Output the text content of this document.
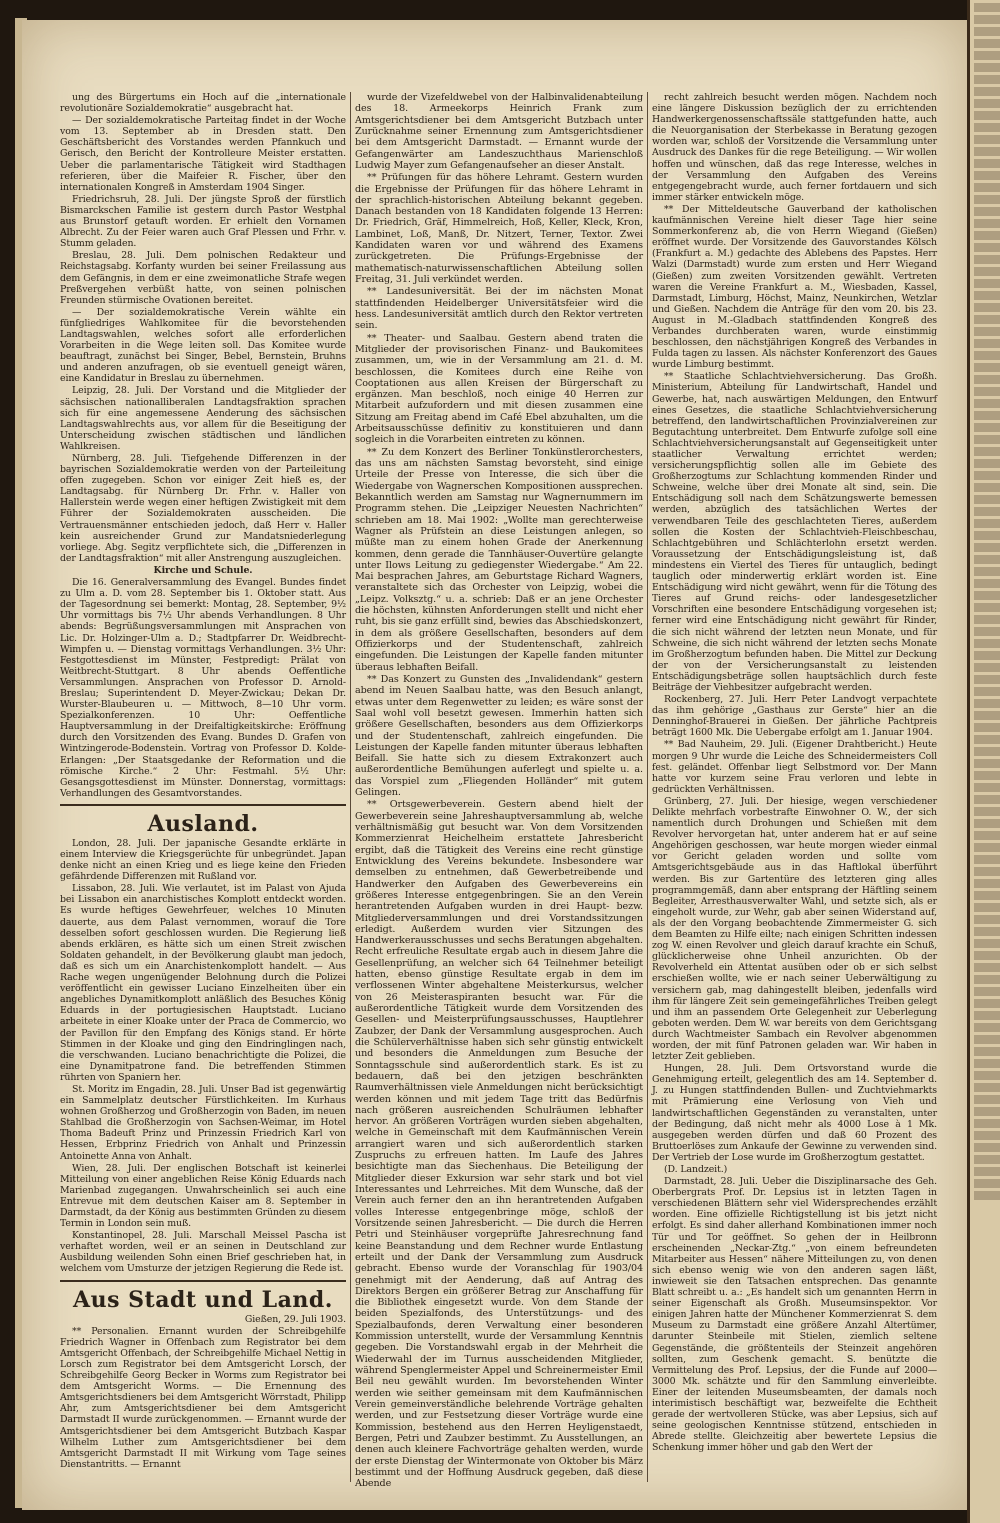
ung des Bürgertums ein Hoch auf die „internationale revolutionäre Sozialdemokratie“ ausgebracht hat.

— Der sozialdemokratische Parteitag findet in der Woche vom 13. September ab in Dresden statt. Den Geschäftsbericht des Vorstandes werden Pfannkuch und Gerisch, den Bericht der Kontrolleure Meister erstatten. Ueber die parlamentarische Tätigkeit wird Stadthagen referieren, über die Maifeier R. Fischer, über den internationalen Kongreß in Amsterdam 1904 Singer.

Friedrichsruh, 28. Juli. Der jüngste Sproß der fürstlich Bismarckschen Familie ist gestern durch Pastor Westphal aus Brunstorf getauft worden. Er erhielt den Vornamen Albrecht. Zu der Feier waren auch Graf Plessen und Frhr. v. Stumm geladen.

Breslau, 28. Juli. Dem polnischen Redakteur und Reichstagsabg. Korfanty wurden bei seiner Freilassung aus dem Gefängnis, in dem er eine zweimonatliche Strafe wegen Preßvergehen verbüßt hatte, von seinen polnischen Freunden stürmische Ovationen bereitet.

— Der sozialdemokratische Verein wählte ein fünfgliedriges Wahlkomitee für die bevorstehenden Landtagswahlen, welches sofort alle erforderlichen Vorarbeiten in die Wege leiten soll. Das Komitee wurde beauftragt, zunächst bei Singer, Bebel, Bernstein, Bruhns und anderen anzufragen, ob sie eventuell geneigt wären, eine Kandidatur in Breslau zu übernehmen.

Leipzig, 28. Juli. Der Vorstand und die Mitglieder der sächsischen nationalliberalen Landtagsfraktion sprachen sich für eine angemessene Aenderung des sächsischen Landtagswahlrechts aus, vor allem für die Beseitigung der Unterscheidung zwischen städtischen und ländlichen Wahlkreisen.

Nürnberg, 28. Juli. Tiefgehende Differenzen in der bayrischen Sozialdemokratie werden von der Parteileitung offen zugegeben. Schon vor einiger Zeit hieß es, der Landtagsabg. für Nürnberg Dr. Frhr. v. Haller von Hallerstein werde wegen einer heftigen Zwistigkeit mit dem Führer der Sozialdemokraten ausscheiden. Die Vertrauensmänner entschieden jedoch, daß Herr v. Haller kein ausreichender Grund zur Mandatsniederlegung vorliege. Abg. Segitz verpflichtete sich, die „Differenzen in der Landtagsfraktion“ mit aller Anstrengung auszugleichen.

Kirche und Schule.

Die 16. Generalversammlung des Evangel. Bundes findet zu Ulm a. D. vom 28. September bis 1. Oktober statt. Aus der Tagesordnung sei bemerkt: Montag, 28. September, 9½ Uhr vormittags bis 7½ Uhr abends Verhandlungen. 8 Uhr abends: Begrüßungsversammlungen mit Ansprachen von Lic. Dr. Holzinger-Ulm a. D.; Stadtpfarrer Dr. Weidbrecht-Wimpfen u. — Dienstag vormittags Verhandlungen. 3½ Uhr: Festgottesdienst im Münster, Festpredigt: Prälat von Weitbrecht-Stuttgart. 8 Uhr abends Oeffentliche Versammlungen. Ansprachen von Professor D. Arnold-Breslau; Superintendent D. Meyer-Zwickau; Dekan Dr. Wurster-Blaubeuren u. — Mittwoch, 8—10 Uhr vorm. Spezialkonferenzen. 10 Uhr: Oeffentliche Hauptversammlung in der Dreifaltigkeitskirche: Eröffnung durch den Vorsitzenden des Evang. Bundes D. Grafen von Wintzingerode-Bodenstein. Vortrag von Professor D. Kolde-Erlangen: „Der Staatsgedanke der Reformation und die römische Kirche.“ 2 Uhr: Festmahl. 5½ Uhr: Gesangsgottesdienst im Münster. Donnerstag, vormittags: Verhandlungen des Gesamtvorstandes.

Ausland.

London, 28. Juli. Der japanische Gesandte erklärte in einem Interview die Kriegsgerüchte für unbegründet. Japan denke nicht an einen Krieg und es liege keine den Frieden gefährdende Differenzen mit Rußland vor.

Lissabon, 28. Juli. Wie verlautet, ist im Palast von Ajuda bei Lissabon ein anarchistisches Komplott entdeckt worden. Es wurde heftiges Gewehrfeuer, welches 10 Minuten dauerte, aus dem Palast vernommen, worauf die Tore desselben sofort geschlossen wurden. Die Regierung ließ abends erklären, es hätte sich um einen Streit zwischen Soldaten gehandelt, in der Bevölkerung glaubt man jedoch, daß es sich um ein Anarchistenkomplott handelt. — Aus Rache wegen ungenügender Belohnung durch die Polizei veröffentlicht ein gewisser Luciano Einzelheiten über ein angebliches Dynamitkomplott anläßlich des Besuches König Eduards in der portugiesischen Hauptstadt. Luciano arbeitete in einer Kloake unter der Praca de Commercio, wo der Pavillon für den Empfang des Königs stand. Er hörte Stimmen in der Kloake und ging den Eindringlingen nach, die verschwanden. Luciano benachrichtigte die Polizei, die eine Dynamitpatrone fand. Die betreffenden Stimmen rührten von Spaniern her.

St. Moritz im Engadin, 28. Juli. Unser Bad ist gegenwärtig ein Sammelplatz deutscher Fürstlichkeiten. Im Kurhaus wohnen Großherzog und Großherzogin von Baden, im neuen Stahlbad die Großherzogin von Sachsen-Weimar, im Hotel Thoma Badeuft Prinz und Prinzessin Friedrich Karl von Hessen, Erbprinz Friedrich von Anhalt und Prinzessin Antoinette Anna von Anhalt.

Wien, 28. Juli. Der englischen Botschaft ist keinerlei Mitteilung von einer angeblichen Reise König Eduards nach Marienbad zugegangen. Unwahrscheinlich sei auch eine Entrevue mit dem deutschen Kaiser am 8. September in Darmstadt, da der König aus bestimmten Gründen zu diesem Termin in London sein muß.

Konstantinopel, 28. Juli. Marschall Meissel Pascha ist verhaftet worden, weil er an seinen in Deutschland zur Ausbildung weilenden Sohn einen Brief geschrieben hat, in welchem vom Umsturze der jetzigen Regierung die Rede ist.

Aus Stadt und Land.

Gießen, 29. Juli 1903.

** Personalien. Ernannt wurden der Schreibgehilfe Friedrich Wagner in Offenbach zum Registrator bei dem Amtsgericht Offenbach, der Schreibgehilfe Michael Nettig in Lorsch zum Registrator bei dem Amtsgericht Lorsch, der Schreibgehilfe Georg Becker in Worms zum Registrator bei dem Amtsgericht Worms. — Die Ernennung des Amtsgerichtsdieners bei dem Amtsgericht Wörrstadt, Philipp Ahr, zum Amtsgerichtsdiener bei dem Amtsgericht Darmstadt II wurde zurückgenommen. — Ernannt wurde der Amtsgerichtsdiener bei dem Amtsgericht Butzbach Kaspar Wilhelm Luther zum Amtsgerichtsdiener bei dem Amtsgericht Darmstadt II mit Wirkung vom Tage seines Dienstantritts. — Ernannt

wurde der Vizefeldwebel von der Halbinvalidenabteilung des 18. Armeekorps Heinrich Frank zum Amtsgerichtsdiener bei dem Amtsgericht Butzbach unter Zurücknahme seiner Ernennung zum Amtsgerichtsdiener bei dem Amtsgericht Darmstadt. — Ernannt wurde der Gefangenwärter am Landeszuchthaus Marienschloß Ludwig Mayer zum Gefangenaufseher an dieser Anstalt.

** Prüfungen für das höhere Lehramt. Gestern wurden die Ergebnisse der Prüfungen für das höhere Lehramt in der sprachlich-historischen Abteilung bekannt gegeben. Danach bestanden von 18 Kandidaten folgende 13 Herren: Dr. Friedrich, Gräf, Himmelreich, Hoß, Keller, Kleck, Kron, Lambinet, Loß, Manß, Dr. Nitzert, Terner, Textor. Zwei Kandidaten waren vor und während des Examens zurückgetreten. Die Prüfungs-Ergebnisse der mathematisch-naturwissenschaftlichen Abteilung sollen Freitag, 31. Juli verkündet werden.

** Landesuniversität. Bei der im nächsten Monat stattfindenden Heidelberger Universitätsfeier wird die hess. Landesuniversität amtlich durch den Rektor vertreten sein.

** Theater- und Saalbau. Gestern abend traten die Mitglieder der provisorischen Finanz- und Baukomitees zusammen, um, wie in der Versammlung am 21. d. M. beschlossen, die Komitees durch eine Reihe von Cooptationen aus allen Kreisen der Bürgerschaft zu ergänzen. Man beschloß, noch einige 40 Herren zur Mitarbeit aufzufordern und mit diesen zusammen eine Sitzung am Freitag abend im Café Ebel abzuhalten, um die Arbeitsausschüsse definitiv zu konstituieren und dann sogleich in die Vorarbeiten eintreten zu können.

** Zu dem Konzert des Berliner Tonkünstlerorchesters, das uns am nächsten Samstag bevorsteht, sind einige Urteile der Presse von Interesse, die sich über die Wiedergabe von Wagnerschen Kompositionen aussprechen. Bekanntlich werden am Samstag nur Wagnernummern im Programm stehen. Die „Leipziger Neuesten Nachrichten“ schrieben am 18. Mai 1902: „Wollte man gerechterweise Wagner als Prüfstein an diese Leistungen anlegen, so müßte man zu einem hohen Grade der Anerkennung kommen, denn gerade die Tannhäuser-Ouvertüre gelangte unter Ilows Leitung zu gediegenster Wiedergabe.“ Am 22. Mai besprachen Jahres, am Geburtstage Richard Wagners, veranstaltete sich das Orchester von Leipzig, wobei die „Leipz. Volksztg.“ u. a. schrieb: Daß er an jene Orchester die höchsten, kühnsten Anforderungen stellt und nicht eher ruht, bis sie ganz erfüllt sind, bewies das Abschiedskonzert, in dem als größere Gesellschaften, besonders auf dem Offizierkorps und der Studentenschaft, zahlreich eingefunden. Die Leistungen der Kapelle fanden mitunter überaus lebhaften Beifall.

** Das Konzert zu Gunsten des „Invalidendank“ gestern abend im Neuen Saalbau hatte, was den Besuch anlangt, etwas unter dem Regenwetter zu leiden; es wäre sonst der Saal wohl voll besetzt gewesen. Immerhin hatten sich größere Gesellschaften, besonders aus dem Offizierkorps und der Studentenschaft, zahlreich eingefunden. Die Leistungen der Kapelle fanden mitunter überaus lebhaften Beifall. Sie hatte sich zu diesem Extrakonzert auch außerordentliche Bemühungen auferlegt und spielte u. a. das Vorspiel zum „Fliegenden Holländer“ mit gutem Gelingen.

** Ortsgewerbeverein. Gestern abend hielt der Gewerbeverein seine Jahreshauptversammlung ab, welche verhältnismäßig gut besucht war. Von dem Vorsitzenden Kommerzienrat Heichelheim erstattete Jahresbericht ergibt, daß die Tätigkeit des Vereins eine recht günstige Entwicklung des Vereins bekundete. Insbesondere war demselben zu entnehmen, daß Gewerbetreibende und Handwerker den Aufgaben des Gewerbevereins ein größeres Interesse entgegenbringen. Sie an den Verein herantretenden Aufgaben wurden in drei Haupt- bezw. Mitgliederversammlungen und drei Vorstandssitzungen erledigt. Außerdem wurden vier Sitzungen des Handwerkerausschusses und sechs Beratungen abgehalten. Recht erfreuliche Resultate ergab auch in diesem Jahre die Gesellenprüfung, an welcher sich 64 Teilnehmer beteiligt hatten, ebenso günstige Resultate ergab in dem im verflossenen Winter abgehaltene Meisterkursus, welcher von 26 Meisteraspiranten besucht war. Für die außerordentliche Tätigkeit wurde dem Vorsitzenden des Gesellen- und Meisterprüfungsausschusses, Hauptlehrer Zaubzer, der Dank der Versammlung ausgesprochen. Auch die Schülerverhältnisse haben sich sehr günstig entwickelt und besonders die Anmeldungen zum Besuche der Sonntagsschule sind außerordentlich stark. Es ist zu bedauern, daß bei den jetzigen beschränkten Raumverhältnissen viele Anmeldungen nicht berücksichtigt werden können und mit jedem Tage tritt das Bedürfnis nach größeren ausreichenden Schulräumen lebhafter hervor. An größeren Vorträgen wurden sieben abgehalten, welche in Gemeinschaft mit dem Kaufmännischen Verein arrangiert waren und sich außerordentlich starken Zuspruchs zu erfreuen hatten. Im Laufe des Jahres besichtigte man das Siechenhaus. Die Beteiligung der Mitglieder dieser Exkursion war sehr stark und bot viel Interessantes und Lehrreiches. Mit dem Wunsche, daß der Verein auch ferner den an ihn herantretenden Aufgaben volles Interesse entgegenbringe möge, schloß der Vorsitzende seinen Jahresbericht. — Die durch die Herren Petri und Steinhäuser vorgeprüfte Jahresrechnung fand keine Beanstandung und dem Rechner wurde Entlastung erteilt und der Dank der Versammlung zum Ausdruck gebracht. Ebenso wurde der Voranschlag für 1903/04 genehmigt mit der Aenderung, daß auf Antrag des Direktors Bergen ein größerer Betrag zur Anschaffung für die Bibliothek eingesetzt wurde. Von dem Stande der beiden Spezialfonds, des Unterstützungs- und des Spezialbaufonds, deren Verwaltung einer besonderen Kommission unterstellt, wurde der Versammlung Kenntnis gegeben. Die Vorstandswahl ergab in der Mehrheit die Wiederwahl der im Turnus ausscheidenden Mitglieder, während Spenglermeister Appel und Schreinermeister Emil Beil neu gewählt wurden. Im bevorstehenden Winter werden wie seither gemeinsam mit dem Kaufmännischen Verein gemeinverständliche belehrende Vorträge gehalten werden, und zur Festsetzung dieser Vorträge wurde eine Kommission, bestehend aus den Herren Heyligenstaedt, Bergen, Petri und Zaubzer bestimmt. Zu Ausstellungen, an denen auch kleinere Fachvorträge gehalten werden, wurde der erste Dienstag der Wintermonate von Oktober bis März bestimmt und der Hoffnung Ausdruck gegeben, daß diese Abende

recht zahlreich besucht werden mögen. Nachdem noch eine längere Diskussion bezüglich der zu errichtenden Handwerkergenossenschaftssäle stattgefunden hatte, auch die Neuorganisation der Sterbekasse in Beratung gezogen worden war, schloß der Vorsitzende die Versammlung unter Ausdruck des Dankes für die rege Beteiligung. — Wir wollen hoffen und wünschen, daß das rege Interesse, welches in der Versammlung den Aufgaben des Vereins entgegengebracht wurde, auch ferner fortdauern und sich immer stärker entwickeln möge.

** Der Mitteldeutsche Gauverband der katholischen kaufmännischen Vereine hielt dieser Tage hier seine Sommerkonferenz ab, die von Herrn Wiegand (Gießen) eröffnet wurde. Der Vorsitzende des Gauvorstandes Kölsch (Frankfurt a. M.) gedachte des Ablebens des Papstes. Herr Walzi (Darmstadt) wurde zum ersten und Herr Wiegand (Gießen) zum zweiten Vorsitzenden gewählt. Vertreten waren die Vereine Frankfurt a. M., Wiesbaden, Kassel, Darmstadt, Limburg, Höchst, Mainz, Neunkirchen, Wetzlar und Gießen. Nachdem die Anträge für den vom 20. bis 23. August in M.-Gladbach stattfindenden Kongreß des Verbandes durchberaten waren, wurde einstimmig beschlossen, den nächstjährigen Kongreß des Verbandes in Fulda tagen zu lassen. Als nächster Konferenzort des Gaues wurde Limburg bestimmt.

** Staatliche Schlachtviehversicherung. Das Großh. Ministerium, Abteilung für Landwirtschaft, Handel und Gewerbe, hat, nach auswärtigen Meldungen, den Entwurf eines Gesetzes, die staatliche Schlachtviehversicherung betreffend, den landwirtschaftlichen Provinzialvereinen zur Begutachtung unterbreitet. Dem Entwurfe zufolge soll eine Schlachtviehversicherungsanstalt auf Gegenseitigkeit unter staatlicher Verwaltung errichtet werden; versicherungspflichtig sollen alle im Gebiete des Großherzogtums zur Schlachtung kommenden Rinder und Schweine, welche über drei Monate alt sind, sein. Die Entschädigung soll nach dem Schätzungswerte bemessen werden, abzüglich des tatsächlichen Wertes der verwendbaren Teile des geschlachteten Tieres, außerdem sollen die Kosten der Schlachtvieh-Fleischbeschau, Schlachtgebühren und Schlächterlohn ersetzt werden. Voraussetzung der Entschädigungsleistung ist, daß mindestens ein Viertel des Tieres für untauglich, bedingt tauglich oder minderwertig erklärt worden ist. Eine Entschädigung wird nicht gewährt, wenn für die Tötung des Tieres auf Grund reichs- oder landesgesetzlicher Vorschriften eine besondere Entschädigung vorgesehen ist; ferner wird eine Entschädigung nicht gewährt für Rinder, die sich nicht während der letzten neun Monate, und für Schweine, die sich nicht während der letzten sechs Monate im Großherzogtum befunden haben. Die Mittel zur Deckung der von der Versicherungsanstalt zu leistenden Entschädigungsbeträge sollen hauptsächlich durch feste Beiträge der Viehbesitzer aufgebracht werden.

Rockenberg, 27. Juli. Herr Peter Landvogt verpachtete das ihm gehörige „Gasthaus zur Gerste“ hier an die Denninghof-Brauerei in Gießen. Der jährliche Pachtpreis beträgt 1600 Mk. Die Uebergabe erfolgt am 1. Januar 1904.

** Bad Nauheim, 29. Juli. (Eigener Drahtbericht.) Heute morgen 9 Uhr wurde die Leiche des Schneidermeisters Coll fest. geländet. Offenbar liegt Selbstmord vor. Der Mann hatte vor kurzem seine Frau verloren und lebte in gedrückten Verhältnissen.

Grünberg, 27. Juli. Der hiesige, wegen verschiedener Delikte mehrfach vorbestrafte Einwohner O. W., der sich namentlich durch Drohungen und Schießen mit dem Revolver hervorgetan hat, unter anderem hat er auf seine Angehörigen geschossen, war heute morgen wieder einmal vor Gericht geladen worden und sollte vom Amtsgerichtsgebäude aus in das Haftlokal überführt werden. Bis zur Gartentüre des letzteren ging alles programmgemäß, dann aber entsprang der Häftling seinem Begleiter, Arresthausverwalter Wahl, und setzte sich, als er eingeholt wurde, zur Wehr, gab aber seinen Widerstand auf, als der den Vorgang beobachtende Zimmermeister G. sich dem Beamten zu Hilfe eilte; nach einigen Schritten indessen zog W. einen Revolver und gleich darauf krachte ein Schuß, glücklicherweise ohne Unheil anzurichten. Ob der Revolverheld ein Attentat ausüben oder ob er sich selbst erschießen wollte, wie er nach seiner Ueberwältigung zu versichern gab, mag dahingestellt bleiben, jedenfalls wird ihm für längere Zeit sein gemeingefährliches Treiben gelegt und ihm an passendem Orte Gelegenheit zur Ueberlegung geboten werden. Dem W. war bereits von dem Gerichtsgang durch Wachtmeister Sambach ein Revolver abgenommen worden, der mit fünf Patronen geladen war. Wir haben in letzter Zeit geblieben.

Hungen, 28. Juli. Dem Ortsvorstand wurde die Genehmigung erteilt, gelegentlich des am 14. September d. J. zu Hungen stattfindenden Bullen- und Zuchtviehmarkts mit Prämierung eine Verlosung von Vieh und landwirtschaftlichen Gegenständen zu veranstalten, unter der Bedingung, daß nicht mehr als 4000 Lose à 1 Mk. ausgegeben werden dürfen und daß 60 Prozent des Bruttoerlöses zum Ankaufe der Gewinne zu verwenden sind. Der Vertrieb der Lose wurde im Großherzogtum gestattet.

(D. Landzeit.)

Darmstadt, 28. Juli. Ueber die Disziplinarsache des Geh. Oberbergrats Prof. Dr. Lepsius ist in letzten Tagen in verschiedenen Blättern sehr viel Widersprechendes erzählt worden. Eine offizielle Richtigstellung ist bis jetzt nicht erfolgt. Es sind daher allerhand Kombinationen immer noch Tür und Tor geöffnet. So gehen der in Heilbronn erscheinenden „Neckar-Ztg.“ „von einem befreundeten Mitarbeiter aus Hessen“ nähere Mitteilungen zu, von denen sich ebenso wenig wie von den anderen sagen läßt, inwieweit sie den Tatsachen entsprechen. Das genannte Blatt schreibt u. a.: „Es handelt sich um genannten Herrn in seiner Eigenschaft als Großh. Museumsinspektor. Vor einigen Jahren hatte der Münchener Kommerzienrat S. dem Museum zu Darmstadt eine größere Anzahl Altertümer, darunter Steinbeile mit Stielen, ziemlich seltene Gegenstände, die größtenteils der Steinzeit angehören sollten, zum Geschenk gemacht. S. benützte die Vermittelung des Prof. Lepsius, der die Funde auf 2000—3000 Mk. schätzte und für den Sammlung einverleibte. Einer der leitenden Museumsbeamten, der damals noch interimistisch beschäftigt war, bezweifelte die Echtheit gerade der wertvolleren Stücke, was aber Lepsius, sich auf seine geologischen Kenntnisse stützend, entschieden in Abrede stellte. Gleichzeitig aber bewertete Lepsius die Schenkung immer höher und gab den Wert der
